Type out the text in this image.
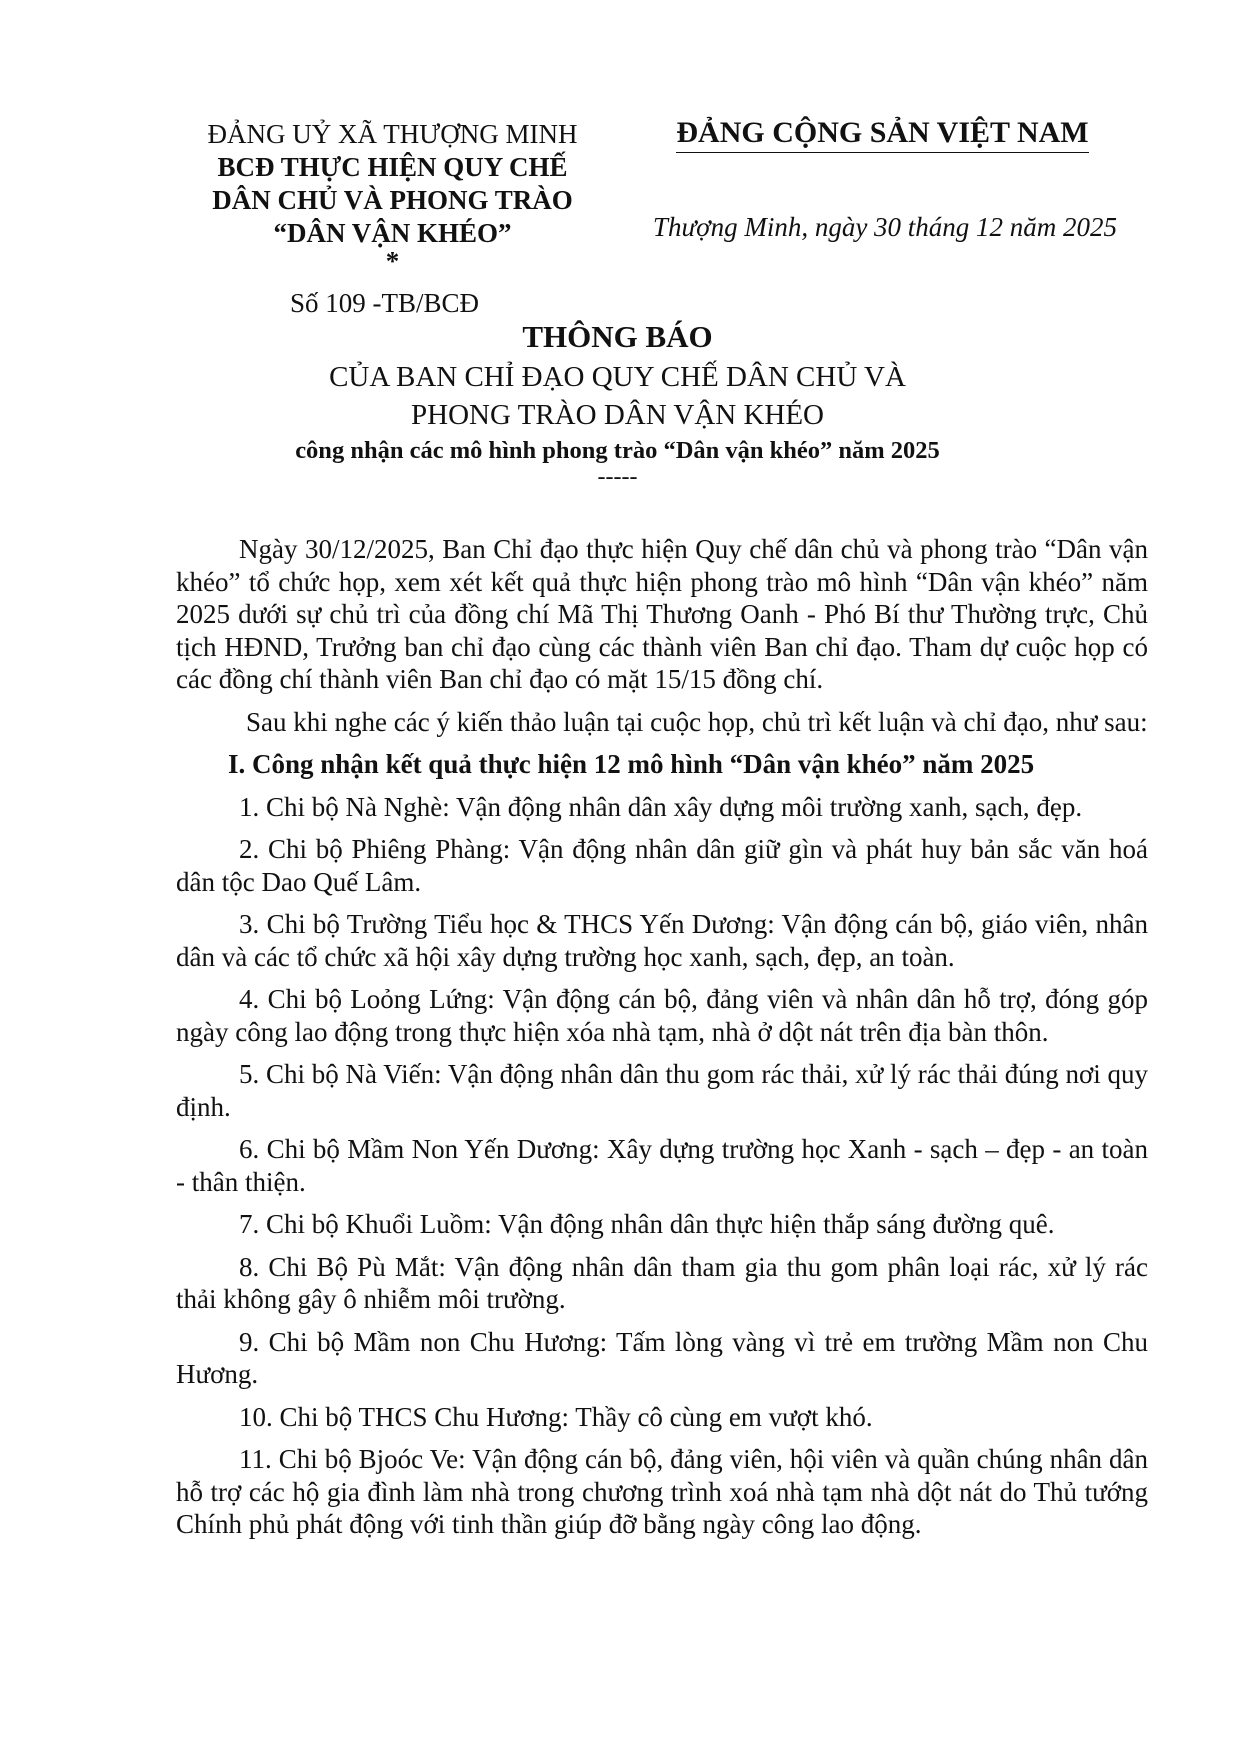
ĐẢNG UỶ XÃ THƯỢNG MINH
BCĐ THỰC HIỆN QUY CHẾ
DÂN CHỦ VÀ PHONG TRÀO
“DÂN VẬN KHÉO”
*
Số 109 -TB/BCĐ
ĐẢNG CỘNG SẢN VIỆT NAM
Thượng Minh, ngày 30 tháng 12 năm 2025
THÔNG BÁO
CỦA BAN CHỈ ĐẠO QUY CHẾ DÂN CHỦ VÀ
PHONG TRÀO DÂN VẬN KHÉO
công nhận các mô hình phong trào “Dân vận khéo” năm 2025
-----

Ngày 30/12/2025, Ban Chỉ đạo thực hiện Quy chế dân chủ và phong trào “Dân vận khéo” tổ chức họp, xem xét kết quả thực hiện phong trào mô hình “Dân vận khéo” năm 2025 dưới sự chủ trì của đồng chí Mã Thị Thương Oanh - Phó Bí thư Thường trực, Chủ tịch HĐND, Trưởng ban chỉ đạo cùng các thành viên Ban chỉ đạo. Tham dự cuộc họp có các đồng chí thành viên Ban chỉ đạo có mặt 15/15 đồng chí.

Sau khi nghe các ý kiến thảo luận tại cuộc họp, chủ trì kết luận và chỉ đạo, như sau:

I. Công nhận kết quả thực hiện 12 mô hình “Dân vận khéo” năm 2025

1. Chi bộ Nà Nghè: Vận động nhân dân xây dựng môi trường xanh, sạch, đẹp.

2. Chi bộ Phiêng Phàng: Vận động nhân dân giữ gìn và phát huy bản sắc văn hoá dân tộc Dao Quế Lâm.

3. Chi bộ Trường Tiểu học & THCS Yến Dương: Vận động cán bộ, giáo viên, nhân dân và các tổ chức xã hội xây dựng trường học xanh, sạch, đẹp, an toàn.

4. Chi bộ Loỏng Lứng: Vận động cán bộ, đảng viên và nhân dân hỗ trợ, đóng góp ngày công lao động trong thực hiện xóa nhà tạm, nhà ở dột nát trên địa bàn thôn.

5. Chi bộ Nà Viến: Vận động nhân dân thu gom rác thải, xử lý rác thải đúng nơi quy định.

6. Chi bộ Mầm Non Yến Dương: Xây dựng trường học Xanh - sạch – đẹp - an toàn - thân thiện.

7. Chi bộ Khuổi Luồm: Vận động nhân dân thực hiện thắp sáng đường quê.

8. Chi Bộ Pù Mắt: Vận động nhân dân tham gia thu gom phân loại rác, xử lý rác thải không gây ô nhiễm môi trường.

9. Chi bộ Mầm non Chu Hương: Tấm lòng vàng vì trẻ em trường Mầm non Chu Hương.

10. Chi bộ THCS Chu Hương: Thầy cô cùng em vượt khó.

11. Chi bộ Bjoóc Ve: Vận động cán bộ, đảng viên, hội viên và quần chúng nhân dân hỗ trợ các hộ gia đình làm nhà trong chương trình xoá nhà tạm nhà dột nát do Thủ tướng Chính phủ phát động với tinh thần giúp đỡ bằng ngày công lao động.
